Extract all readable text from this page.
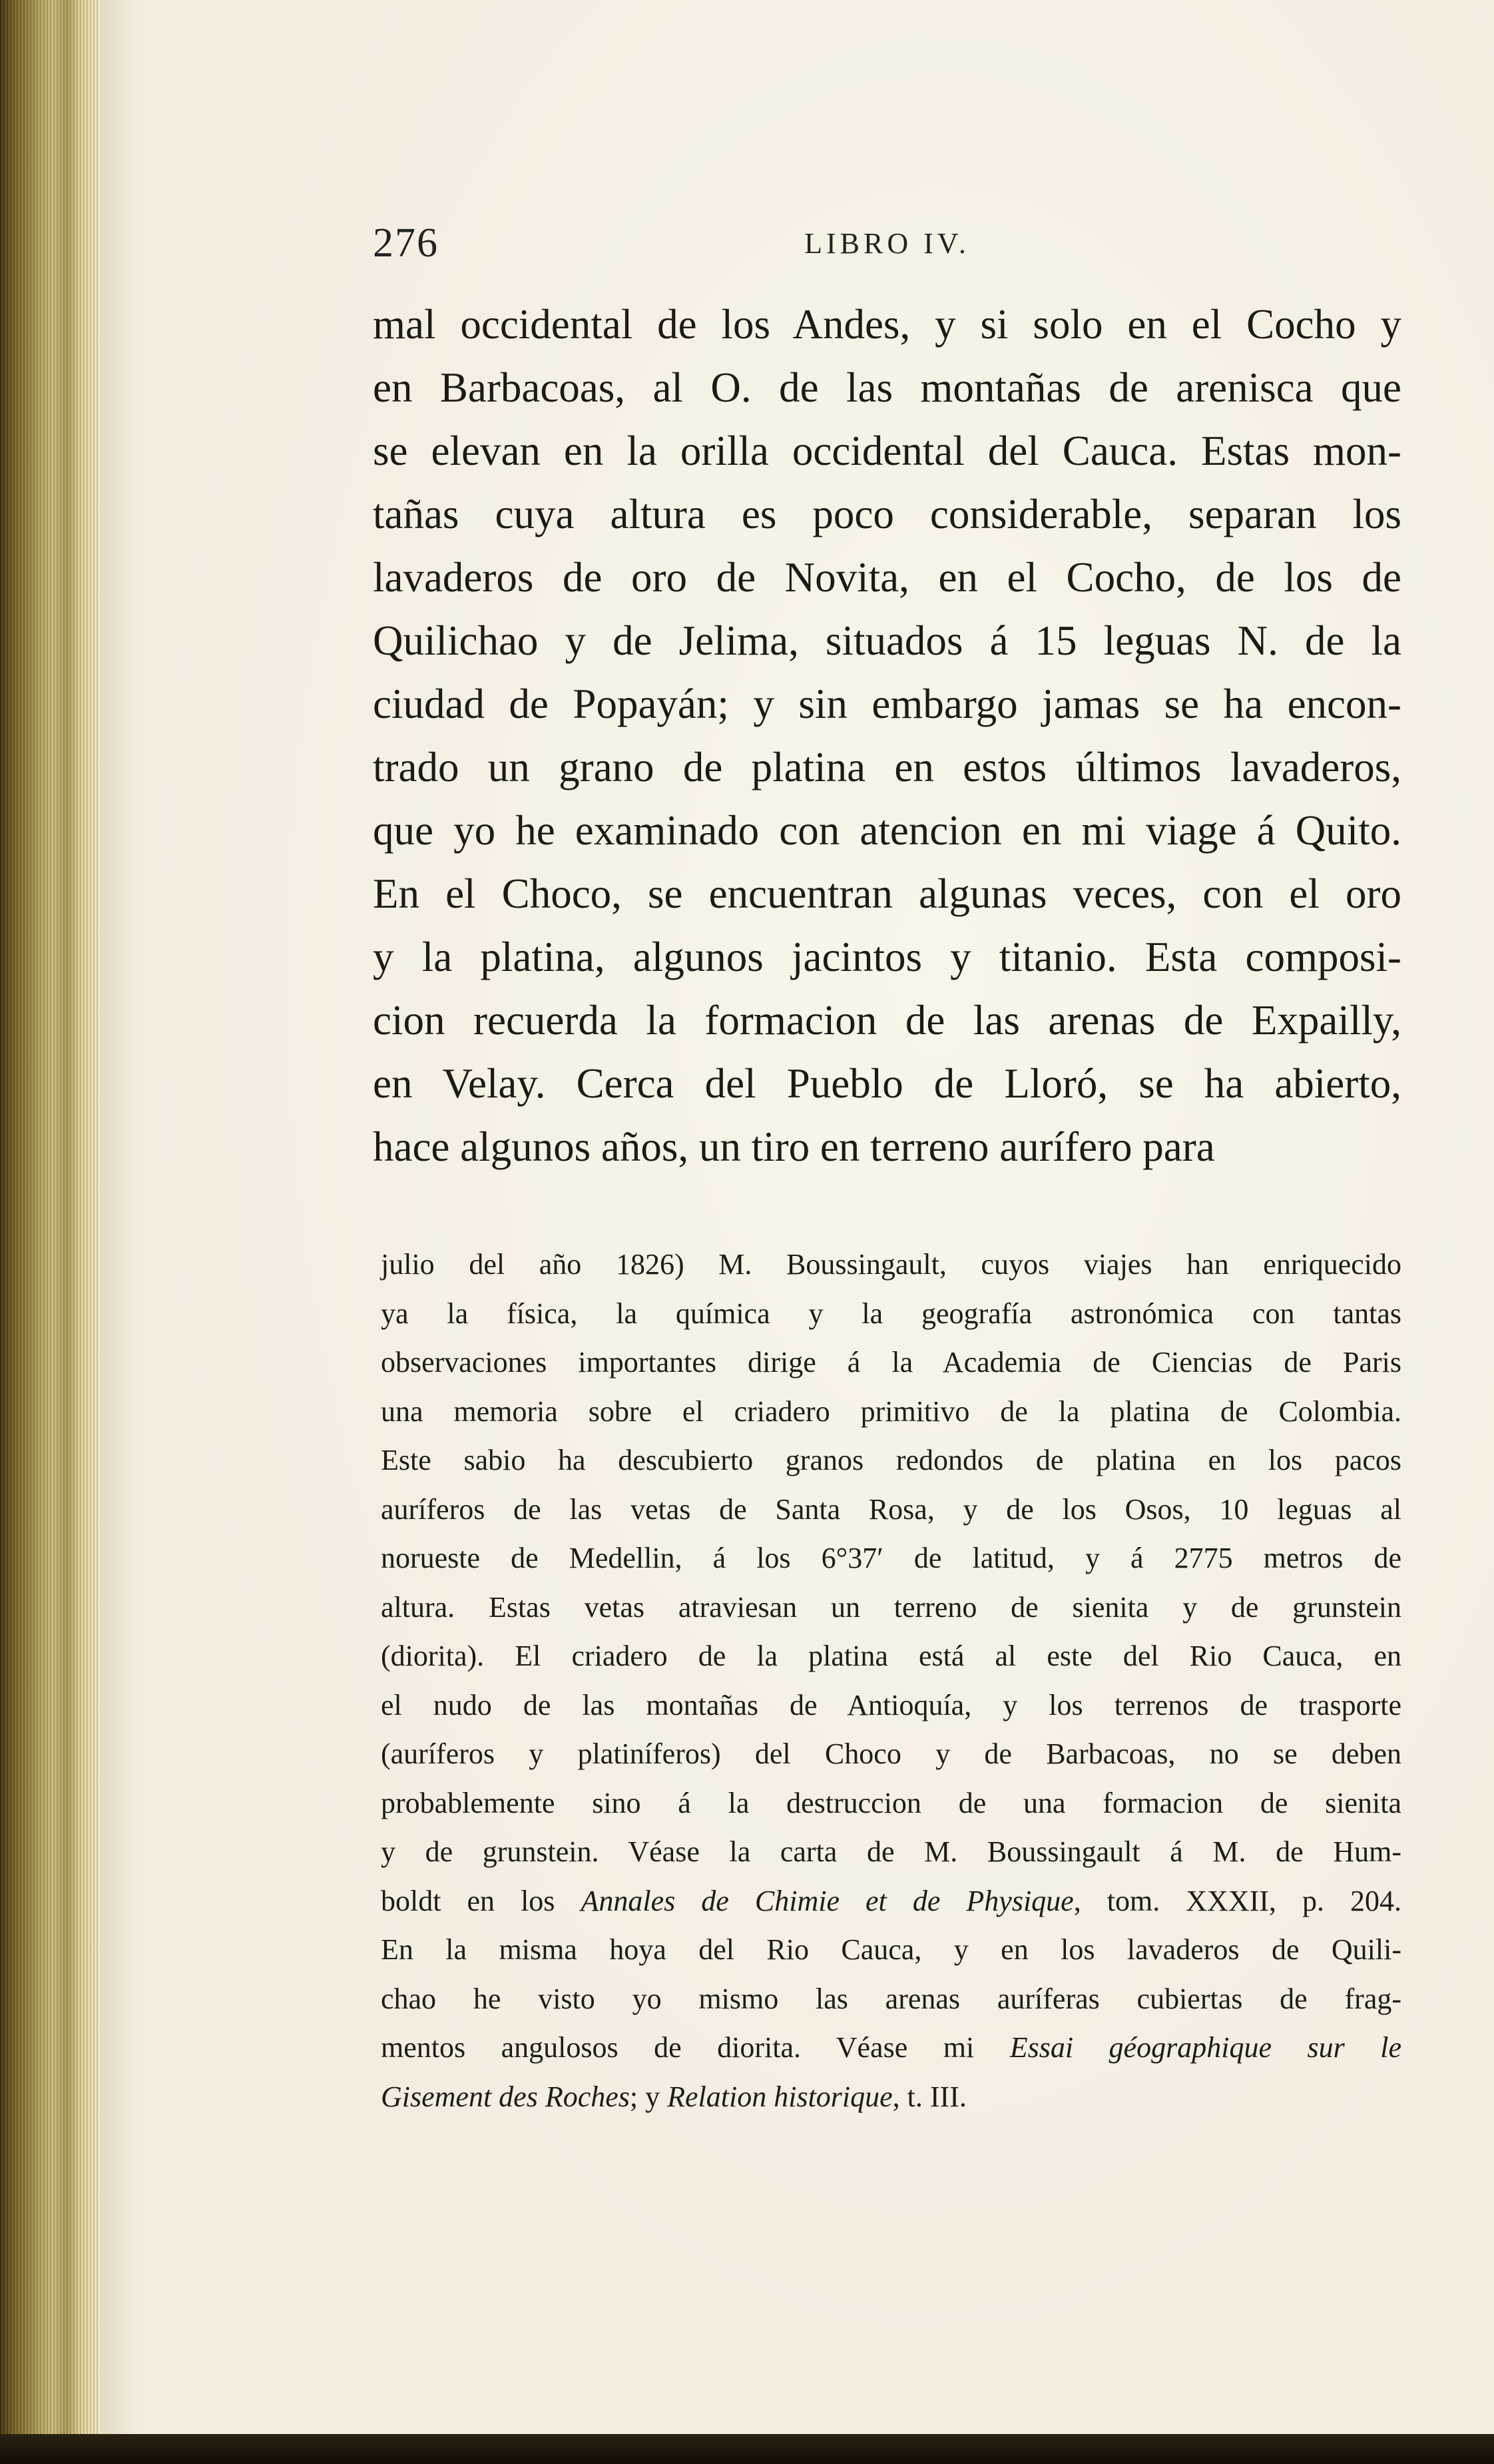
276	LIBRO IV.
mal occidental de los Andes, y si solo en el Cocho y
en Barbacoas, al O. de las montañas de arenisca que
se elevan en la orilla occidental del Cauca. Estas mon-
tañas cuya altura es poco considerable, separan los
lavaderos de oro de Novita, en el Cocho, de los de
Quilichao y de Jelima, situados á 15 leguas N. de la
ciudad de Popayán; y sin embargo jamas se ha encon-
trado un grano de platina en estos últimos lavaderos,
que yo he examinado con atencion en mi viage á Quito.
En el Choco, se encuentran algunas veces, con el oro
y la platina, algunos jacintos y titanio. Esta composi-
cion recuerda la formacion de las arenas de Expailly,
en Velay. Cerca del Pueblo de Lloró, se ha abierto,
hace algunos años, un tiro en terreno aurífero para
julio del año 1826) M. Boussingault, cuyos viajes han enriquecido
ya la física, la química y la geografía astronómica con tantas
observaciones importantes dirige á la Academia de Ciencias de Paris
una memoria sobre el criadero primitivo de la platina de Colombia.
Este sabio ha descubierto granos redondos de platina en los pacos
auríferos de las vetas de Santa Rosa, y de los Osos, 10 leguas al
norueste de Medellin, á los 6°37′ de latitud, y á 2775 metros de
altura. Estas vetas atraviesan un terreno de sienita y de grunstein
(diorita). El criadero de la platina está al este del Rio Cauca, en
el nudo de las montañas de Antioquía, y los terrenos de trasporte
(auríferos y platiníferos) del Choco y de Barbacoas, no se deben
probablemente sino á la destruccion de una formacion de sienita
y de grunstein. Véase la carta de M. Boussingault á M. de Hum-
boldt en los Annales de Chimie et de Physique, tom. XXXII, p. 204.
En la misma hoya del Rio Cauca, y en los lavaderos de Quili-
chao he visto yo mismo las arenas auríferas cubiertas de frag-
mentos angulosos de diorita. Véase mi Essai géographique sur le
Gisement des Roches; y Relation historique, t. III.
